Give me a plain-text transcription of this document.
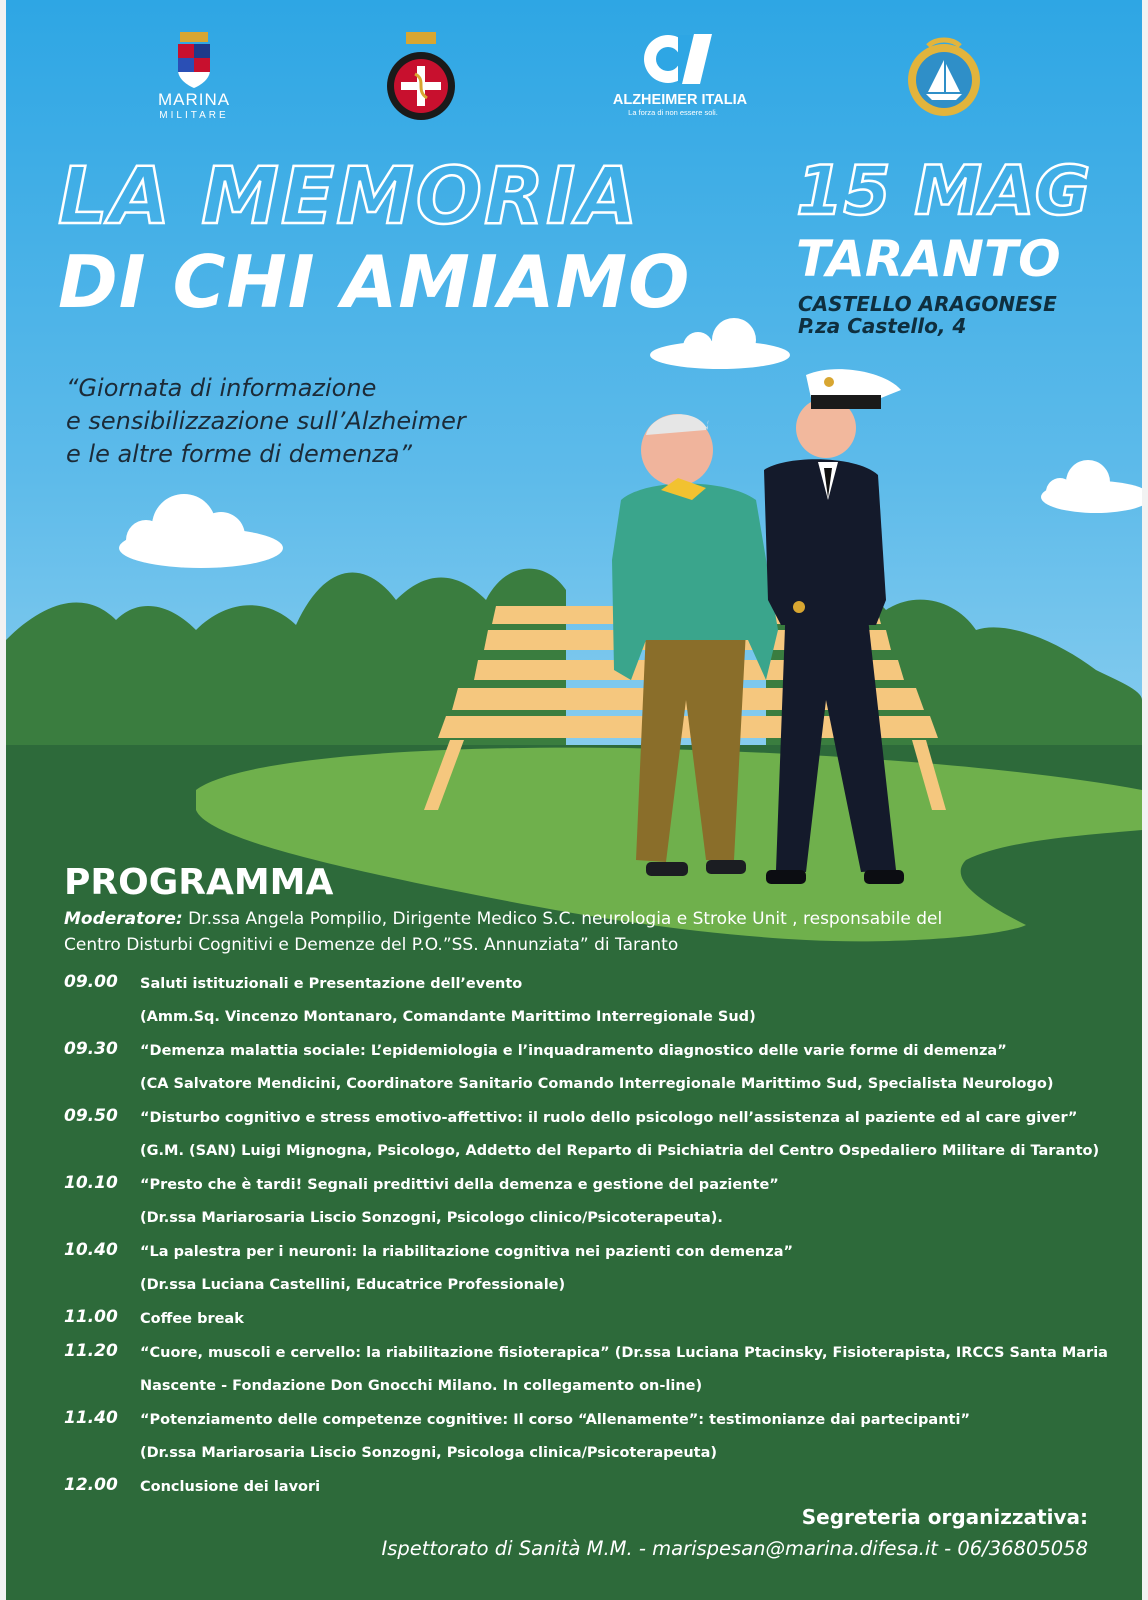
MARINA
MILITARE
ALZHEIMER ITALIA
La forza di non essere soli.
LA MEMORIA
DI CHI AMIAMO
15 MAG
TARANTO
CASTELLO ARAGONESE
P.za Castello, 4
“Giornata di informazione
e sensibilizzazione sull’Alzheimer
e le altre forme di demenza”
PROGRAMMA
Moderatore: Dr.ssa Angela Pompilio, Dirigente Medico S.C. neurologia e Stroke Unit , responsabile del
Centro Disturbi Cognitivi e Demenze del P.O.”SS. Annunziata” di Taranto
09.00	Saluti istituzionali e Presentazione dell’evento
(Amm.Sq. Vincenzo Montanaro, Comandante Marittimo Interregionale Sud)
09.30	“Demenza malattia sociale: L’epidemiologia e l’inquadramento diagnostico delle varie forme di demenza”
(CA Salvatore Mendicini, Coordinatore Sanitario Comando Interregionale Marittimo Sud, Specialista Neurologo)
09.50	“Disturbo cognitivo e stress emotivo-affettivo: il ruolo dello psicologo nell’assistenza al paziente ed al care giver”
(G.M. (SAN) Luigi Mignogna, Psicologo, Addetto del Reparto di Psichiatria del Centro Ospedaliero Militare di Taranto)
10.10	“Presto che è tardi! Segnali predittivi della demenza e gestione del paziente”
(Dr.ssa Mariarosaria Liscio Sonzogni, Psicologo clinico/Psicoterapeuta).
10.40	“La palestra per i neuroni: la riabilitazione cognitiva nei pazienti con demenza”
(Dr.ssa Luciana Castellini, Educatrice Professionale)
11.00	Coffee break
11.20	“Cuore, muscoli e cervello: la riabilitazione fisioterapica” (Dr.ssa Luciana Ptacinsky, Fisioterapista, IRCCS Santa Maria
Nascente - Fondazione Don Gnocchi Milano. In collegamento on-line)
11.40	“Potenziamento delle competenze cognitive: Il corso “Allenamente”: testimonianze dai partecipanti”
(Dr.ssa Mariarosaria Liscio Sonzogni, Psicologa clinica/Psicoterapeuta)
12.00	Conclusione dei lavori
Segreteria organizzativa:
Ispettorato di Sanità M.M. - marispesan@marina.difesa.it - 06/36805058
